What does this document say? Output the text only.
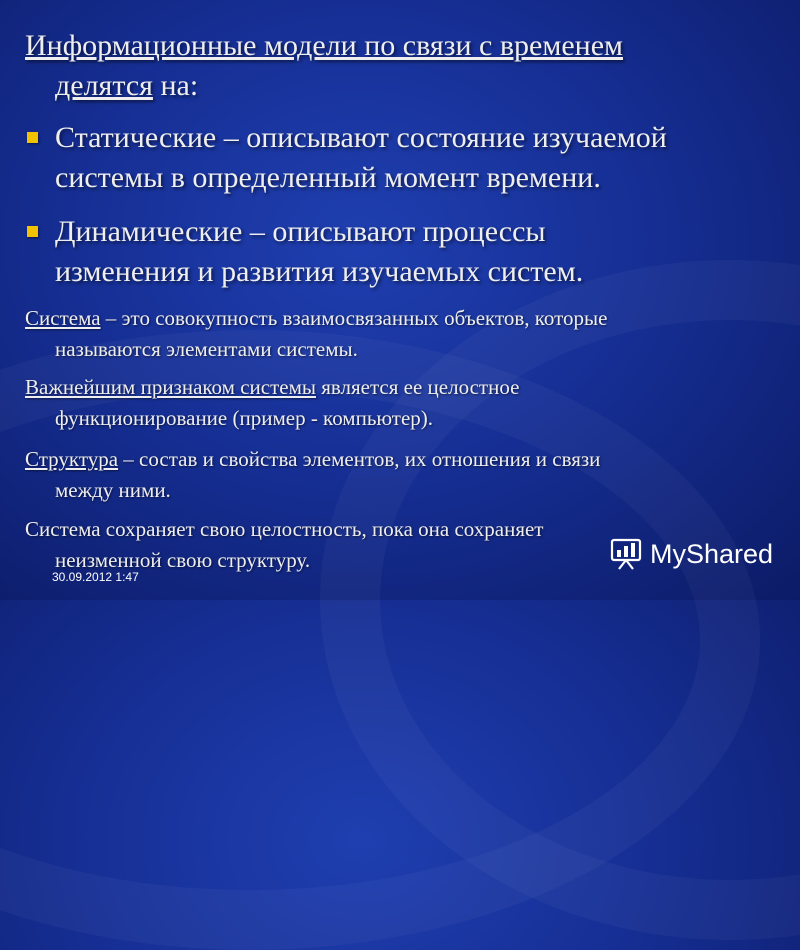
Информационные модели по связи с временем
делятся на:
Статические – описывают состояние изучаемой
системы в определенный момент времени.
Динамические – описывают процессы
изменения и развития изучаемых систем.
Система – это совокупность взаимосвязанных объектов, которые
называются элементами системы.
Важнейшим признаком системы является ее целостное
функционирование (пример - компьютер).
Структура – состав и свойства элементов, их отношения и связи
между ними.
Система сохраняет свою целостность, пока она сохраняет
неизменной свою структуру.
30.09.2012 1:47
MyShared
